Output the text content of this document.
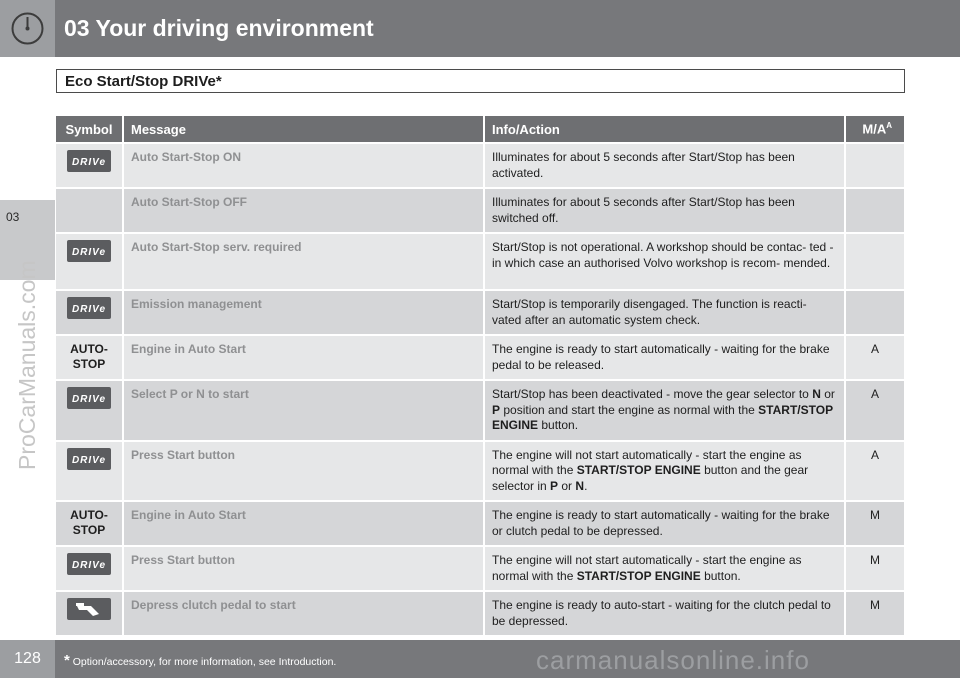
03 Your driving environment
03
ProCarManuals.com
Eco Start/Stop DRIVe*
Symbol	Message	Info/Action	$M/A^A$

DRIVe	Auto Start-Stop ON	Illuminates for about 5 seconds after Start/Stop has been activated.	
	Auto Start-Stop OFF	Illuminates for about 5 seconds after Start/Stop has been switched off.	

DRIVe	Auto Start-Stop serv. required	Start/Stop is not operational. A workshop should be contac- ted - in which case an authorised Volvo workshop is recom- mended.	

DRIVe	Emission management	Start/Stop is temporarily disengaged. The function is reacti- vated after an automatic system check.	
AUTO-
STOP	Engine in Auto Start	The engine is ready to start automatically - waiting for the brake pedal to be released.	A

DRIVe	Select P or N to start	Start/Stop has been deactivated - move the gear selector to N or P position and start the engine as normal with the START/STOP ENGINE button.	A

DRIVe	Press Start button	The engine will not start automatically - start the engine as normal with the START/STOP ENGINE button and the gear selector in P or N.	A
AUTO-
STOP	Engine in Auto Start	The engine is ready to start automatically - waiting for the brake or clutch pedal to be depressed.	M

DRIVe	Press Start button	The engine will not start automatically - start the engine as normal with the START/STOP ENGINE button.	M
	Depress clutch pedal to start	The engine is ready to auto-start - waiting for the clutch pedal to be depressed.	M
128	* Option/accessory, for more information, see Introduction.	carmanualsonline.info
